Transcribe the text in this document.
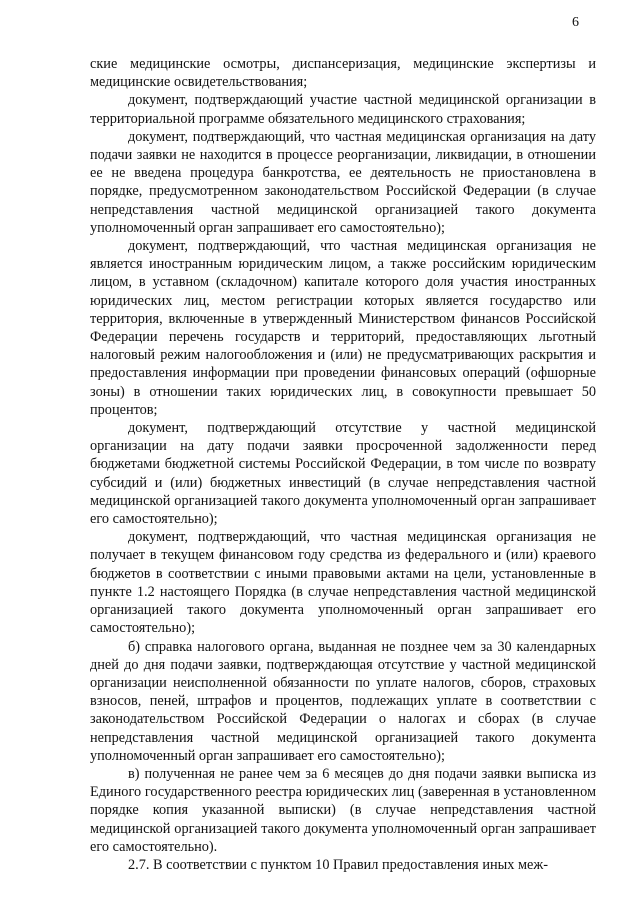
6

ские медицинские осмотры, диспансеризация, медицинские экспертизы и медицинские освидетельствования;

документ, подтверждающий участие частной медицинской организации в территориальной программе обязательного медицинского страхования;

документ, подтверждающий, что частная медицинская организация на дату подачи заявки не находится в процессе реорганизации, ликвидации, в отношении ее не введена процедура банкротства, ее деятельность не приостановлена в порядке, предусмотренном законодательством Российской Федерации (в случае непредставления частной медицинской организацией такого документа уполномоченный орган запрашивает его самостоятельно);

документ, подтверждающий, что частная медицинская организация не является иностранным юридическим лицом, а также российским юридическим лицом, в уставном (складочном) капитале которого доля участия иностранных юридических лиц, местом регистрации которых является государство или территория, включенные в утвержденный Министерством финансов Российской Федерации перечень государств и территорий, предоставляющих льготный налоговый режим налогообложения и (или) не предусматривающих раскрытия и предоставления информации при проведении финансовых операций (офшорные зоны) в отношении таких юридических лиц, в совокупности превышает 50 процентов;

документ, подтверждающий отсутствие у частной медицинской организации на дату подачи заявки просроченной задолженности перед бюджетами бюджетной системы Российской Федерации, в том числе по возврату субсидий и (или) бюджетных инвестиций (в случае непредставления частной медицинской организацией такого документа уполномоченный орган запрашивает его самостоятельно);

документ, подтверждающий, что частная медицинская организация не получает в текущем финансовом году средства из федерального и (или) краевого бюджетов в соответствии с иными правовыми актами на цели, установленные в пункте 1.2 настоящего Порядка (в случае непредставления частной медицинской организацией такого документа уполномоченный орган запрашивает его самостоятельно);

б) справка налогового органа, выданная не позднее чем за 30 календарных дней до дня подачи заявки, подтверждающая отсутствие у частной медицинской организации неисполненной обязанности по уплате налогов, сборов, страховых взносов, пеней, штрафов и процентов, подлежащих уплате в соответствии с законодательством Российской Федерации о налогах и сборах (в случае непредставления частной медицинской организацией такого документа уполномоченный орган запрашивает его самостоятельно);

в) полученная не ранее чем за 6 месяцев до дня подачи заявки выписка из Единого государственного реестра юридических лиц (заверенная в установленном порядке копия указанной выписки) (в случае непредставления частной медицинской организацией такого документа уполномоченный орган запрашивает его самостоятельно).

2.7. В соответствии с пунктом 10 Правил предоставления иных меж-
